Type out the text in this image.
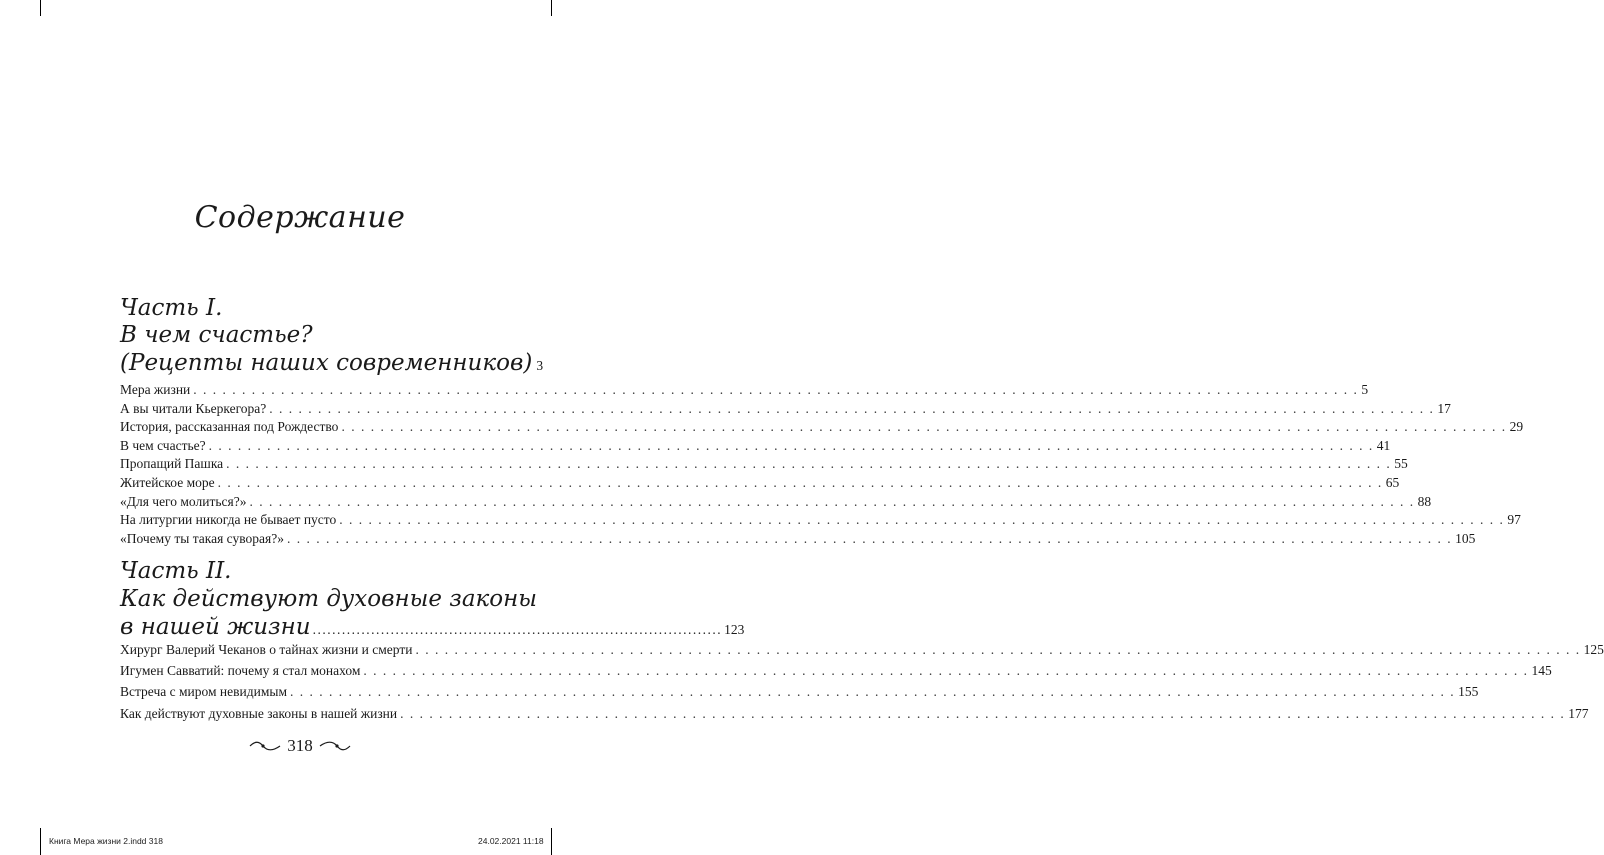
Содержание
Часть I.
В чем счастье?
(Рецепты наших современников) 3
Мера жизни . . . . . . . . . . . . . . . . . . . . . . . . . . . . . . . . . . . . . . . . . . . . . . . . . . . . . . . . . . . . . . . . . . . . . . . . . . . . . . . . . . . . . . . . . . . . . . . . . . . . . . . . . . . . . . . . . . . . . . . . 5
А вы читали Кьеркегора? . . . . . . . . . . . . . . . . . . . . . . . . . . . . . . . . . . . . . . . . . . . . . . . . . . . . . . . . . . . . . . . . . . . . . . . . . . . . . . . . . . . . . . . . . . . . . . . . . . . . . . . . . . . . . . . . . . . . . . . . 17
История, рассказанная под Рождество . . . . . . . . . . . . . . . . . . . . . . . . . . . . . . . . . . . . . . . . . . . . . . . . . . . . . . . . . . . . . . . . . . . . . . . . . . . . . . . . . . . . . . . . . . . . . . . . . . . . . . . . . . . . . . . . . . . . . . . . 29
В чем счастье? . . . . . . . . . . . . . . . . . . . . . . . . . . . . . . . . . . . . . . . . . . . . . . . . . . . . . . . . . . . . . . . . . . . . . . . . . . . . . . . . . . . . . . . . . . . . . . . . . . . . . . . . . . . . . . . . . . . . . . . . 41
Пропащий Пашка . . . . . . . . . . . . . . . . . . . . . . . . . . . . . . . . . . . . . . . . . . . . . . . . . . . . . . . . . . . . . . . . . . . . . . . . . . . . . . . . . . . . . . . . . . . . . . . . . . . . . . . . . . . . . . . . . . . . . . . . 55
Житейское море . . . . . . . . . . . . . . . . . . . . . . . . . . . . . . . . . . . . . . . . . . . . . . . . . . . . . . . . . . . . . . . . . . . . . . . . . . . . . . . . . . . . . . . . . . . . . . . . . . . . . . . . . . . . . . . . . . . . . . . . 65
«Для чего молиться?» . . . . . . . . . . . . . . . . . . . . . . . . . . . . . . . . . . . . . . . . . . . . . . . . . . . . . . . . . . . . . . . . . . . . . . . . . . . . . . . . . . . . . . . . . . . . . . . . . . . . . . . . . . . . . . . . . . . . . . . . 88
На литургии никогда не бывает пусто . . . . . . . . . . . . . . . . . . . . . . . . . . . . . . . . . . . . . . . . . . . . . . . . . . . . . . . . . . . . . . . . . . . . . . . . . . . . . . . . . . . . . . . . . . . . . . . . . . . . . . . . . . . . . . . . . . . . . . . . 97
«Почему ты такая суворая?» . . . . . . . . . . . . . . . . . . . . . . . . . . . . . . . . . . . . . . . . . . . . . . . . . . . . . . . . . . . . . . . . . . . . . . . . . . . . . . . . . . . . . . . . . . . . . . . . . . . . . . . . . . . . . . . . . . . . . . . . 105
Часть II.
Как действуют духовные законы
в нашей жизни .................................................................................... 123
Хирург Валерий Чеканов о тайнах жизни и смерти . . . . . . . . . . . . . . . . . . . . . . . . . . . . . . . . . . . . . . . . . . . . . . . . . . . . . . . . . . . . . . . . . . . . . . . . . . . . . . . . . . . . . . . . . . . . . . . . . . . . . . . . . . . . . . . . . . . . . . . . 125
Игумен Савватий: почему я стал монахом . . . . . . . . . . . . . . . . . . . . . . . . . . . . . . . . . . . . . . . . . . . . . . . . . . . . . . . . . . . . . . . . . . . . . . . . . . . . . . . . . . . . . . . . . . . . . . . . . . . . . . . . . . . . . . . . . . . . . . . . 145
Встреча с миром невидимым . . . . . . . . . . . . . . . . . . . . . . . . . . . . . . . . . . . . . . . . . . . . . . . . . . . . . . . . . . . . . . . . . . . . . . . . . . . . . . . . . . . . . . . . . . . . . . . . . . . . . . . . . . . . . . . . . . . . . . . . 155
Как действуют духовные законы в нашей жизни . . . . . . . . . . . . . . . . . . . . . . . . . . . . . . . . . . . . . . . . . . . . . . . . . . . . . . . . . . . . . . . . . . . . . . . . . . . . . . . . . . . . . . . . . . . . . . . . . . . . . . . . . . . . . . . . . . . . . . . . 177
318
Книга Мера жизни 2.indd 318	24.02.2021 11:18
